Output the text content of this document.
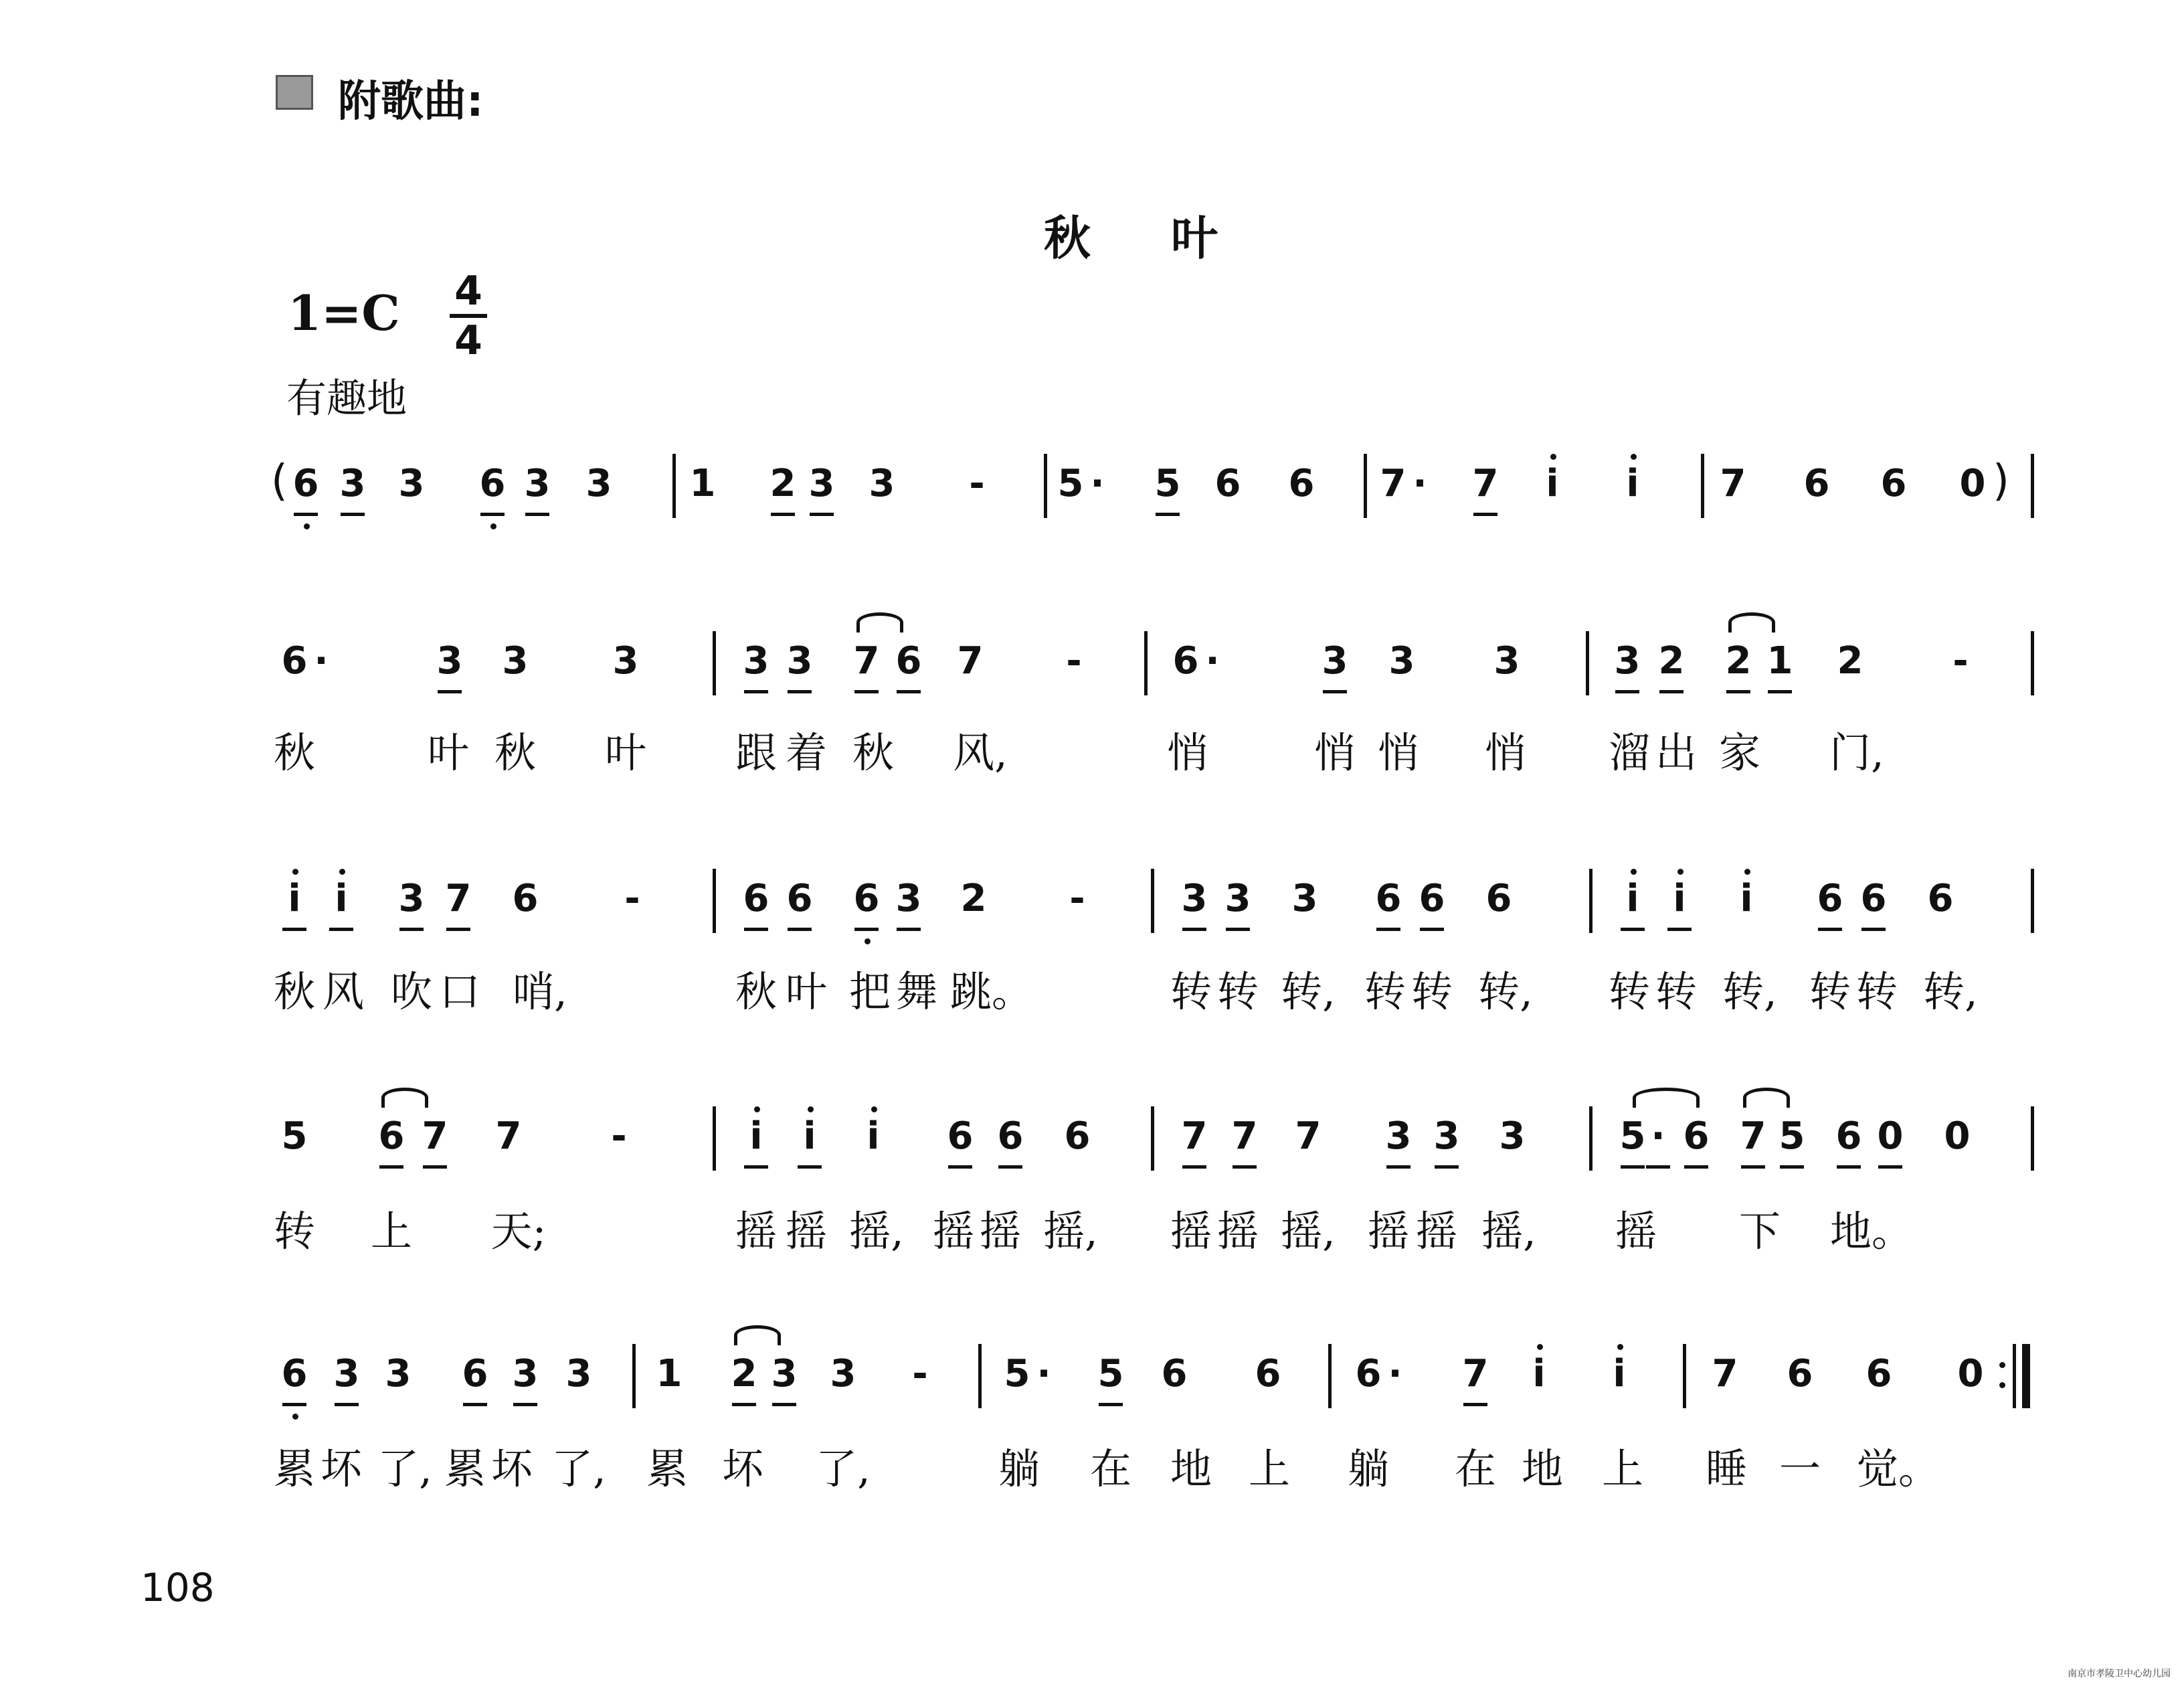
附歌曲:
秋叶
$1=C \frac{4}{4}$
有趣地
( 6 3 3 6 3 3 1 2 3 3 - 5 · 5 6 6 7 · 7 i i 7 6 6 0 )
6 ·	3 3 3	3 3 7 6 7 - 6 ·	3 3 3	3 2 2 1 2 -
秋	叶 秋 叶 跟 着 秋 风,	悄	悄 悄 悄 溜 出 家 门,
i i 3 7 6 -	6 6 6 3 2 -	3 3 3 6 6 6	i i i 6 6 6
秋 风 吹 口 哨,	秋 叶 把 舞 跳。	转 转 转, 转 转 转, 转 转 转, 转 转 转,
5 6 7 7 -	i i i 6 6 6 7 7 7 3 3 3	5 · 6 7 5 6 0 0
转 上 天;	摇 摇 摇, 摇 摇 摇, 摇 摇 摇, 摇 摇 摇, 摇 下 地。
6 3 3 6 3 3 1 2 3 3 - 5 · 5 6 6 6 · 7 i i 7 6 6 0
累 坏 了, 累 坏 了, 累 坏 了,	躺 在 地 上 躺 在 地 上 睡 一 觉。
108
南京市孝陵卫中心幼儿园
